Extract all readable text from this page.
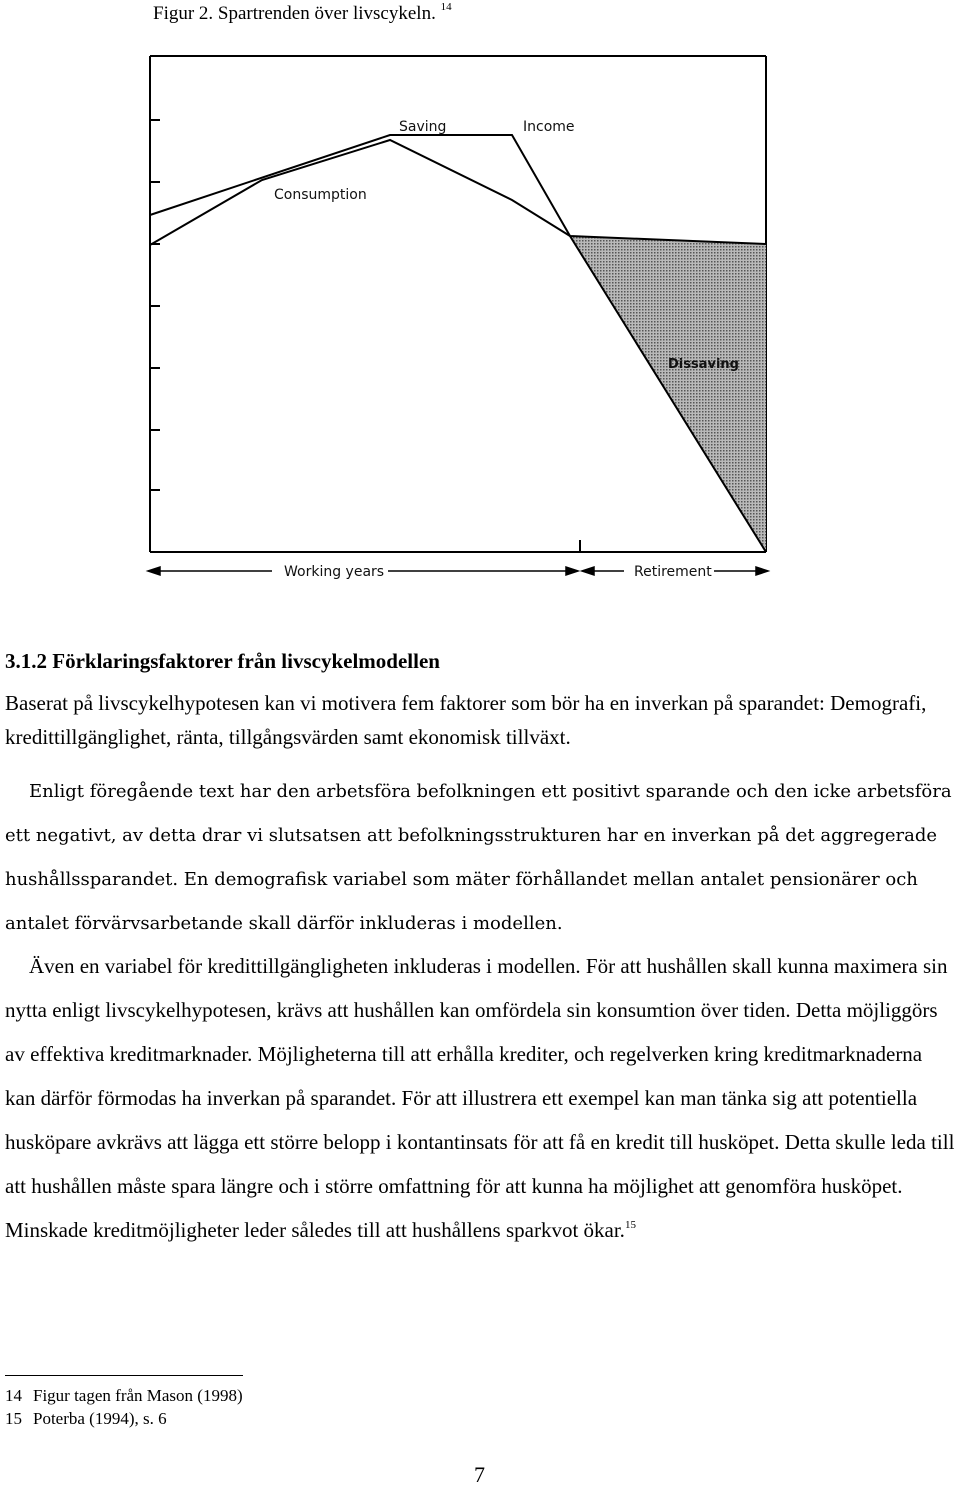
Figur 2. Spartrenden över livscykeln. $^{14}$
Saving	Income
Consumption
Dissaving
Working years	Retirement
3.1.2 Förklaringsfaktorer från livscykelmodellen

Baserat på livscykelhypotesen kan vi motivera fem faktorer som bör ha en inverkan på sparandet: Demografi, kredittillgänglighet, ränta, tillgångsvärden samt ekonomisk tillväxt.

Enligt föregående text har den arbetsföra befolkningen ett positivt sparande och den icke arbetsföra ett negativt, av detta drar vi slutsatsen att befolkningsstrukturen har en inverkan på det aggregerade hushållssparandet. En demografisk variabel som mäter förhållandet mellan antalet pensionärer och antalet förvärvsarbetande skall därför inkluderas i modellen.

Även en variabel för kredittillgängligheten inkluderas i modellen. För att hushållen skall kunna maximera sin nytta enligt livscykelhypotesen, krävs att hushållen kan omfördela sin konsumtion över tiden. Detta möjliggörs av effektiva kreditmarknader. Möjligheterna till att erhålla krediter, och regelverken kring kreditmarknaderna kan därför förmodas ha inverkan på sparandet. För att illustrera ett exempel kan man tänka sig att potentiella husköpare avkrävs att lägga ett större belopp i kontantinsats för att få en kredit till husköpet. Detta skulle leda till att hushållen måste spara längre och i större omfattning för att kunna ha möjlighet att genomföra husköpet. Minskade kreditmöjligheter leder således till att hushållens sparkvot ökar.$^{15}$

14 Figur tagen från Mason (1998)
15 Poterba (1994), s. 6
7
